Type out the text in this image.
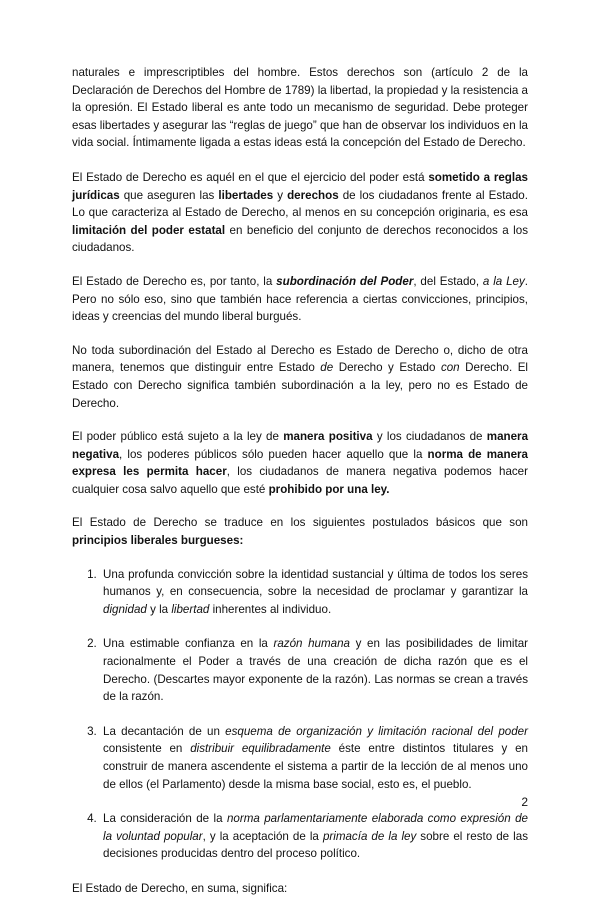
naturales e imprescriptibles del hombre. Estos derechos son (artículo 2 de la Declaración de Derechos del Hombre de 1789) la libertad, la propiedad y la resistencia a la opresión. El Estado liberal es ante todo un mecanismo de seguridad. Debe proteger esas libertades y asegurar las “reglas de juego” que han de observar los individuos en la vida social. Íntimamente ligada a estas ideas está la concepción del Estado de Derecho.

El Estado de Derecho es aquél en el que el ejercicio del poder está sometido a reglas jurídicas que aseguren las libertades y derechos de los ciudadanos frente al Estado. Lo que caracteriza al Estado de Derecho, al menos en su concepción originaria, es esa limitación del poder estatal en beneficio del conjunto de derechos reconocidos a los ciudadanos.

El Estado de Derecho es, por tanto, la subordinación del Poder, del Estado, a la Ley. Pero no sólo eso, sino que también hace referencia a ciertas convicciones, principios, ideas y creencias del mundo liberal burgués.

No toda subordinación del Estado al Derecho es Estado de Derecho o, dicho de otra manera, tenemos que distinguir entre Estado de Derecho y Estado con Derecho. El Estado con Derecho significa también subordinación a la ley, pero no es Estado de Derecho.

El poder público está sujeto a la ley de manera positiva y los ciudadanos de manera negativa, los poderes públicos sólo pueden hacer aquello que la norma de manera expresa les permita hacer, los ciudadanos de manera negativa podemos hacer cualquier cosa salvo aquello que esté prohibido por una ley.

El Estado de Derecho se traduce en los siguientes postulados básicos que son principios liberales burgueses:

1. Una profunda convicción sobre la identidad sustancial y última de todos los seres humanos y, en consecuencia, sobre la necesidad de proclamar y garantizar la dignidad y la libertad inherentes al individuo.
2. Una estimable confianza en la razón humana y en las posibilidades de limitar racionalmente el Poder a través de una creación de dicha razón que es el Derecho. (Descartes mayor exponente de la razón). Las normas se crean a través de la razón.
3. La decantación de un esquema de organización y limitación racional del poder consistente en distribuir equilibradamente éste entre distintos titulares y en construir de manera ascendente el sistema a partir de la lección de al menos uno de ellos (el Parlamento) desde la misma base social, esto es, el pueblo.
4. La consideración de la norma parlamentariamente elaborada como expresión de la voluntad popular, y la aceptación de la primacía de la ley sobre el resto de las decisiones producidas dentro del proceso político.

El Estado de Derecho, en suma, significa:

2
